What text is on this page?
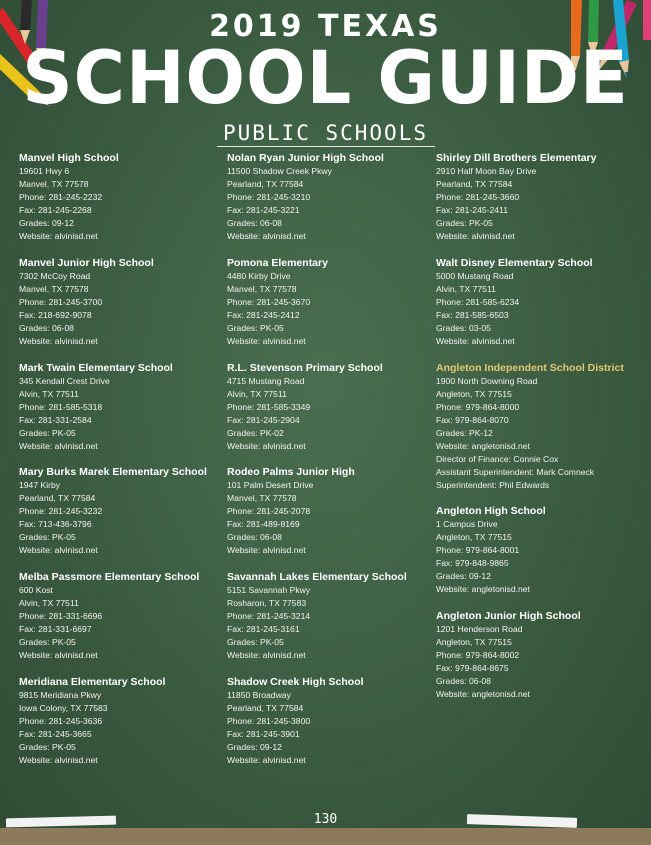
2019 TEXAS
SCHOOL GUIDE
PUBLIC SCHOOLS
Manvel High School
19601 Hwy 6
Manvel, TX 77578
Phone: 281-245-2232
Fax: 281-245-2268
Grades: 09-12
Website: alvinisd.net
Manvel Junior High School
7302 McCoy Road
Manvel, TX 77578
Phone: 281-245-3700
Fax: 218-692-9078
Grades: 06-08
Website: alvinisd.net
Mark Twain Elementary School
345 Kendall Crest Drive
Alvin, TX 77511
Phone: 281-585-5318
Fax: 281-331-2584
Grades: PK-05
Website: alvinisd.net
Mary Burks Marek Elementary School
1947 Kirby
Pearland, TX 77584
Phone: 281-245-3232
Fax: 713-436-3796
Grades: PK-05
Website: alvinisd.net
Melba Passmore Elementary School
600 Kost
Alvin, TX 77511
Phone: 281-331-6696
Fax: 281-331-6697
Grades: PK-05
Website: alvinisd.net
Meridiana Elementary School
9815 Meridiana Pkwy
Iowa Colony, TX 77583
Phone: 281-245-3636
Fax: 281-245-3665
Grades: PK-05
Website: alvinisd.net
Nolan Ryan Junior High School
11500 Shadow Creek Pkwy
Pearland, TX 77584
Phone: 281-245-3210
Fax: 281-245-3221
Grades: 06-08
Website: alvinisd.net
Pomona Elementary
4480 Kirby Drive
Manvel, TX 77578
Phone: 281-245-3670
Fax: 281-245-2412
Grades: PK-05
Website: alvinisd.net
R.L. Stevenson Primary School
4715 Mustang Road
Alvin, TX 77511
Phone: 281-585-3349
Fax: 281-245-2904
Grades: PK-02
Website: alvinisd.net
Rodeo Palms Junior High
101 Palm Desert Drive
Manvel, TX 77578
Phone: 281-245-2078
Fax: 281-489-8169
Grades: 06-08
Website: alvinisd.net
Savannah Lakes Elementary School
5151 Savannah Pkwy
Rosharon, TX 77583
Phone: 281-245-3214
Fax: 281-245-3161
Grades: PK-05
Website: alvinisd.net
Shadow Creek High School
11850 Broadway
Pearland, TX 77584
Phone: 281-245-3800
Fax: 281-245-3901
Grades: 09-12
Website: alvinisd.net
Shirley Dill Brothers Elementary
2910 Half Moon Bay Drive
Pearland, TX 77584
Phone: 281-245-3660
Fax: 281-245-2411
Grades: PK-05
Website: alvinisd.net
Walt Disney Elementary School
5000 Mustang Road
Alvin, TX 77511
Phone: 281-585-6234
Fax: 281-585-6503
Grades: 03-05
Website: alvinisd.net
Angleton Independent School District
1900 North Downing Road
Angleton, TX 77515
Phone: 979-864-8000
Fax: 979-864-8070
Grades: PK-12
Website: angletonisd.net
Director of Finance: Connie Cox
Assistant Superintendent: Mark Comneck
Superintendent: Phil Edwards
Angleton High School
1 Campus Drive
Angleton, TX 77515
Phone: 979-864-8001
Fax: 979-848-9865
Grades: 09-12
Website: angletonisd.net
Angleton Junior High School
1201 Henderson Road
Angleton, TX 77515
Phone: 979-864-8002
Fax: 979-864-8675
Grades: 06-08
Website: angletonisd.net
130
